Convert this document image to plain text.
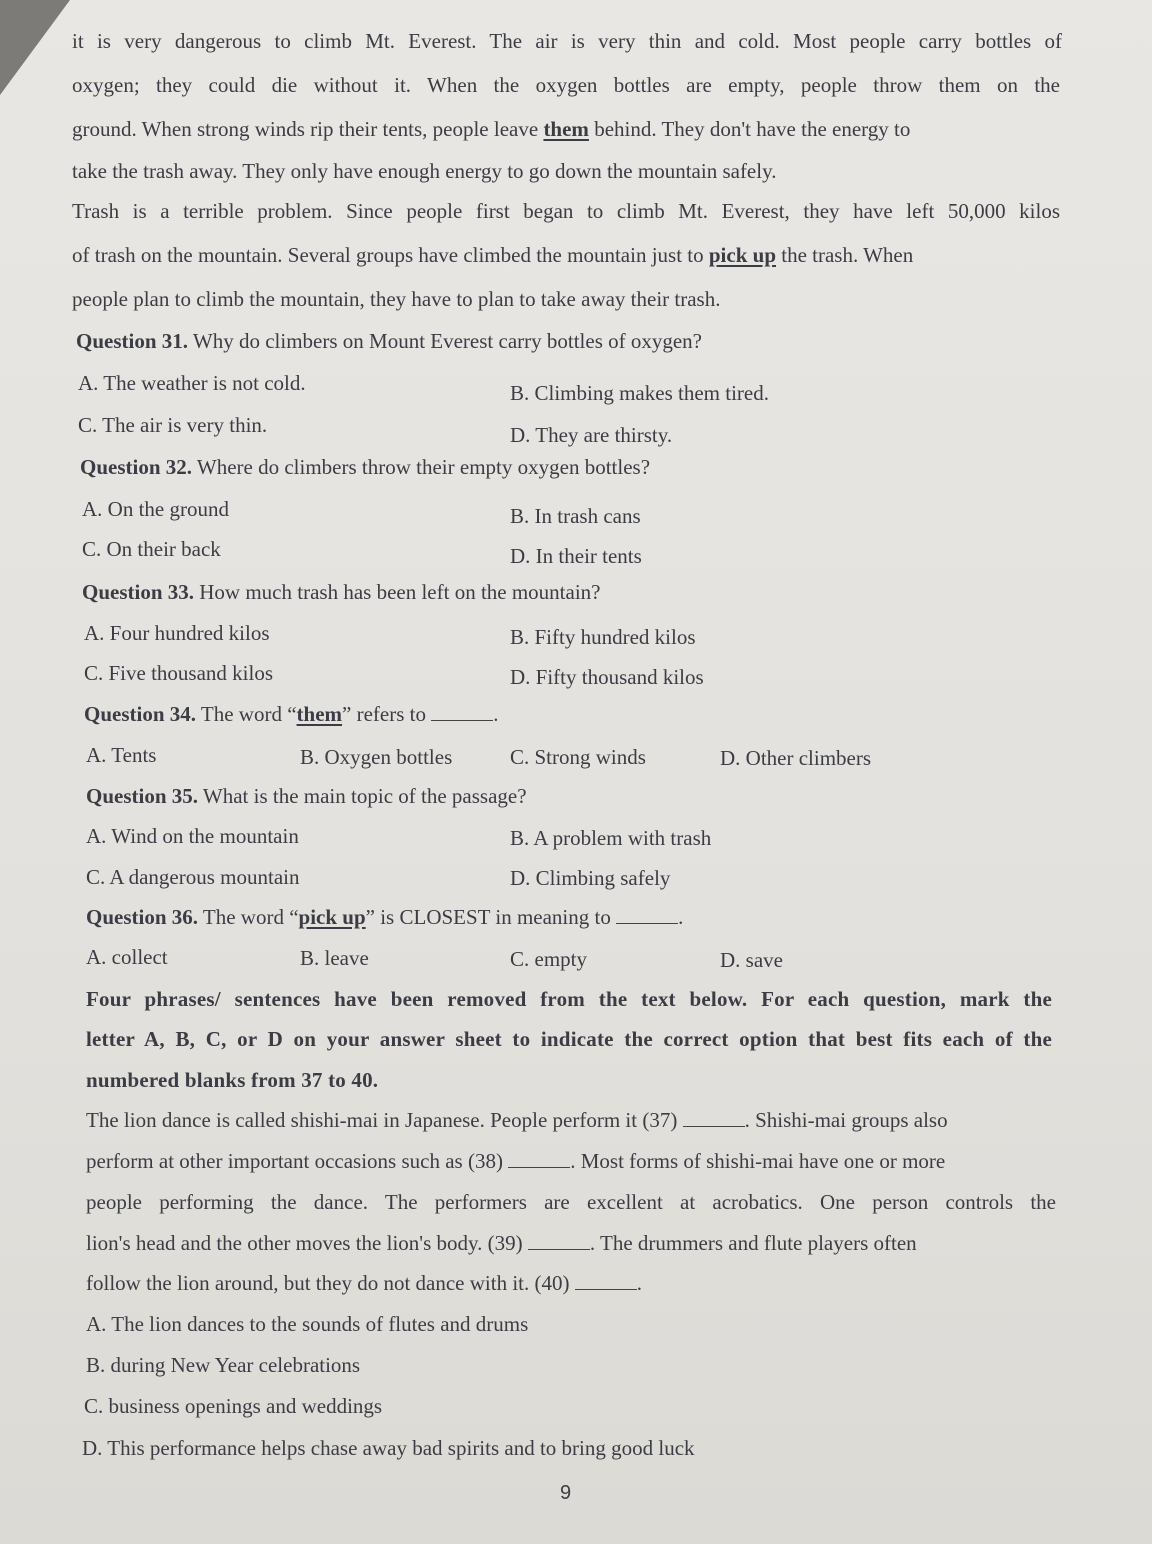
it is very dangerous to climb Mt. Everest. The air is very thin and cold. Most people carry bottles of
oxygen; they could die without it. When the oxygen bottles are empty, people throw them on the
ground. When strong winds rip their tents, people leave them behind. They don't have the energy to
take the trash away. They only have enough energy to go down the mountain safely.
Trash is a terrible problem. Since people first began to climb Mt. Everest, they have left 50,000 kilos
of trash on the mountain. Several groups have climbed the mountain just to pick up the trash. When
people plan to climb the mountain, they have to plan to take away their trash.
Question 31. Why do climbers on Mount Everest carry bottles of oxygen?
A. The weather is not cold.	B. Climbing makes them tired.
C. The air is very thin.	D. They are thirsty.
Question 32. Where do climbers throw their empty oxygen bottles?
A. On the ground	B. In trash cans
C. On their back	D. In their tents
Question 33. How much trash has been left on the mountain?
A. Four hundred kilos	B. Fifty hundred kilos
C. Five thousand kilos	D. Fifty thousand kilos
Question 34. The word “them” refers to	.
A. Tents	B. Oxygen bottles	C. Strong winds	D. Other climbers
Question 35. What is the main topic of the passage?
A. Wind on the mountain	B. A problem with trash
C. A dangerous mountain	D. Climbing safely
Question 36. The word “pick up” is CLOSEST in meaning to	.
A. collect	B. leave	C. empty	D. save
Four phrases/ sentences have been removed from the text below. For each question, mark the
letter A, B, C, or D on your answer sheet to indicate the correct option that best fits each of the
numbered blanks from 37 to 40.
The lion dance is called shishi-mai in Japanese. People perform it (37)	. Shishi-mai groups also
perform at other important occasions such as (38)	. Most forms of shishi-mai have one or more
people performing the dance. The performers are excellent at acrobatics. One person controls the
lion's head and the other moves the lion's body. (39)	. The drummers and flute players often
follow the lion around, but they do not dance with it. (40)	.
A. The lion dances to the sounds of flutes and drums
B. during New Year celebrations
C. business openings and weddings
D. This performance helps chase away bad spirits and to bring good luck
9
